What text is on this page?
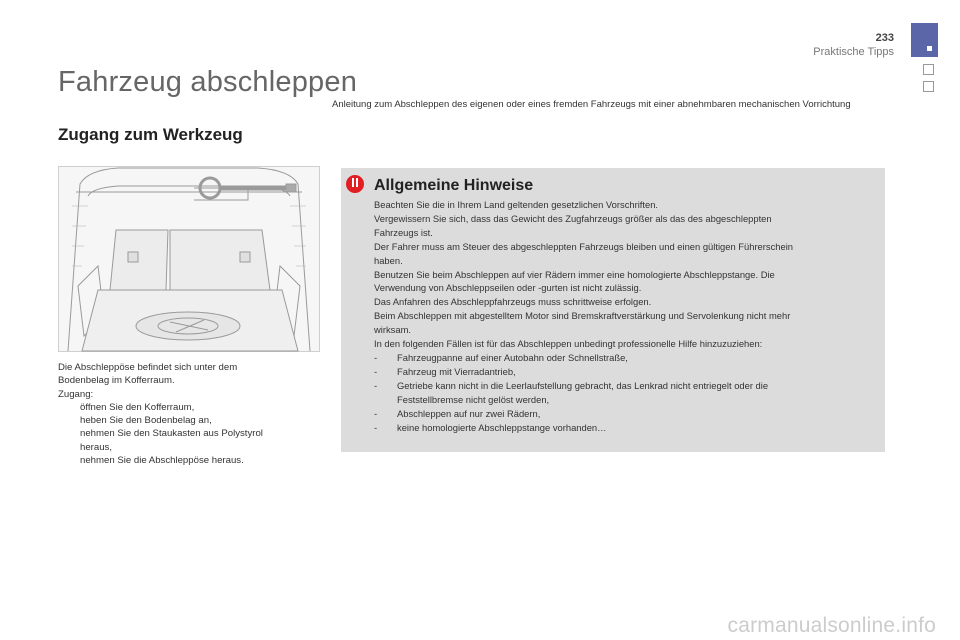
233
Praktische Tipps
Fahrzeug abschleppen
Anleitung zum Abschleppen des eigenen oder eines fremden Fahrzeugs mit einer abnehmbaren mechanischen Vorrichtung
Zugang zum Werkzeug
Die Abschleppöse befindet sich unter dem
Bodenbelag im Kofferraum.
Zugang:
öffnen Sie den Kofferraum,
heben Sie den Bodenbelag an,
nehmen Sie den Staukasten aus Polystyrol
heraus,
nehmen Sie die Abschleppöse heraus.
Allgemeine Hinweise
Beachten Sie die in Ihrem Land geltenden gesetzlichen Vorschriften.
Vergewissern Sie sich, dass das Gewicht des Zugfahrzeugs größer als das des abgeschleppten
Fahrzeugs ist.
Der Fahrer muss am Steuer des abgeschleppten Fahrzeugs bleiben und einen gültigen Führerschein
haben.
Benutzen Sie beim Abschleppen auf vier Rädern immer eine homologierte Abschleppstange. Die
Verwendung von Abschleppseilen oder -gurten ist nicht zulässig.
Das Anfahren des Abschleppfahrzeugs muss schrittweise erfolgen.
Beim Abschleppen mit abgestelltem Motor sind Bremskraftverstärkung und Servolenkung nicht mehr
wirksam.
In den folgenden Fällen ist für das Abschleppen unbedingt professionelle Hilfe hinzuzuziehen:
-	Fahrzeugpanne auf einer Autobahn oder Schnellstraße,
-	Fahrzeug mit Vierradantrieb,
-	Getriebe kann nicht in die Leerlaufstellung gebracht, das Lenkrad nicht entriegelt oder die
Feststellbremse nicht gelöst werden,
-	Abschleppen auf nur zwei Rädern,
-	keine homologierte Abschleppstange vorhanden…
carmanualsonline.info
